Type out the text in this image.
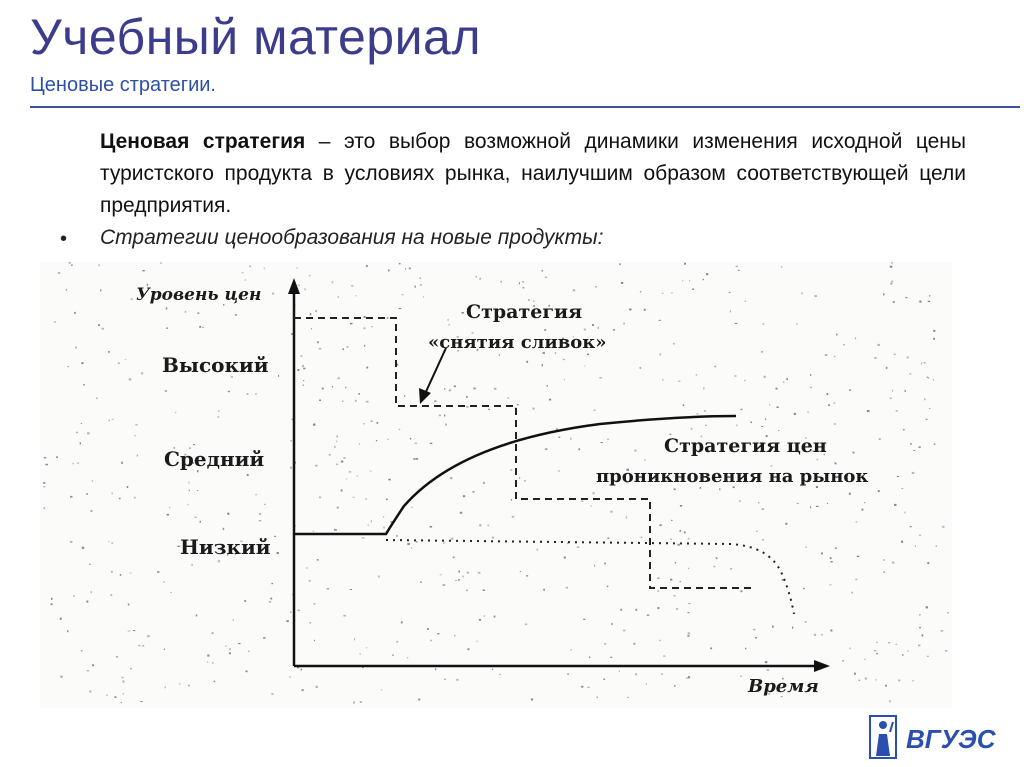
Учебный материал
Ценовые стратегии.
Ценовая стратегия – это выбор возможной динамики изменения исходной цены туристского продукта в условиях рынка, наилучшим образом соответствующей цели предприятия.
• Стратегии ценообразования на новые продукты:
Уровень цен
Время
Высокий
Средний
Низкий
Стратегия
«снятия сливок»
Стратегия цен
проникновения на рынок
ВГУЭС
